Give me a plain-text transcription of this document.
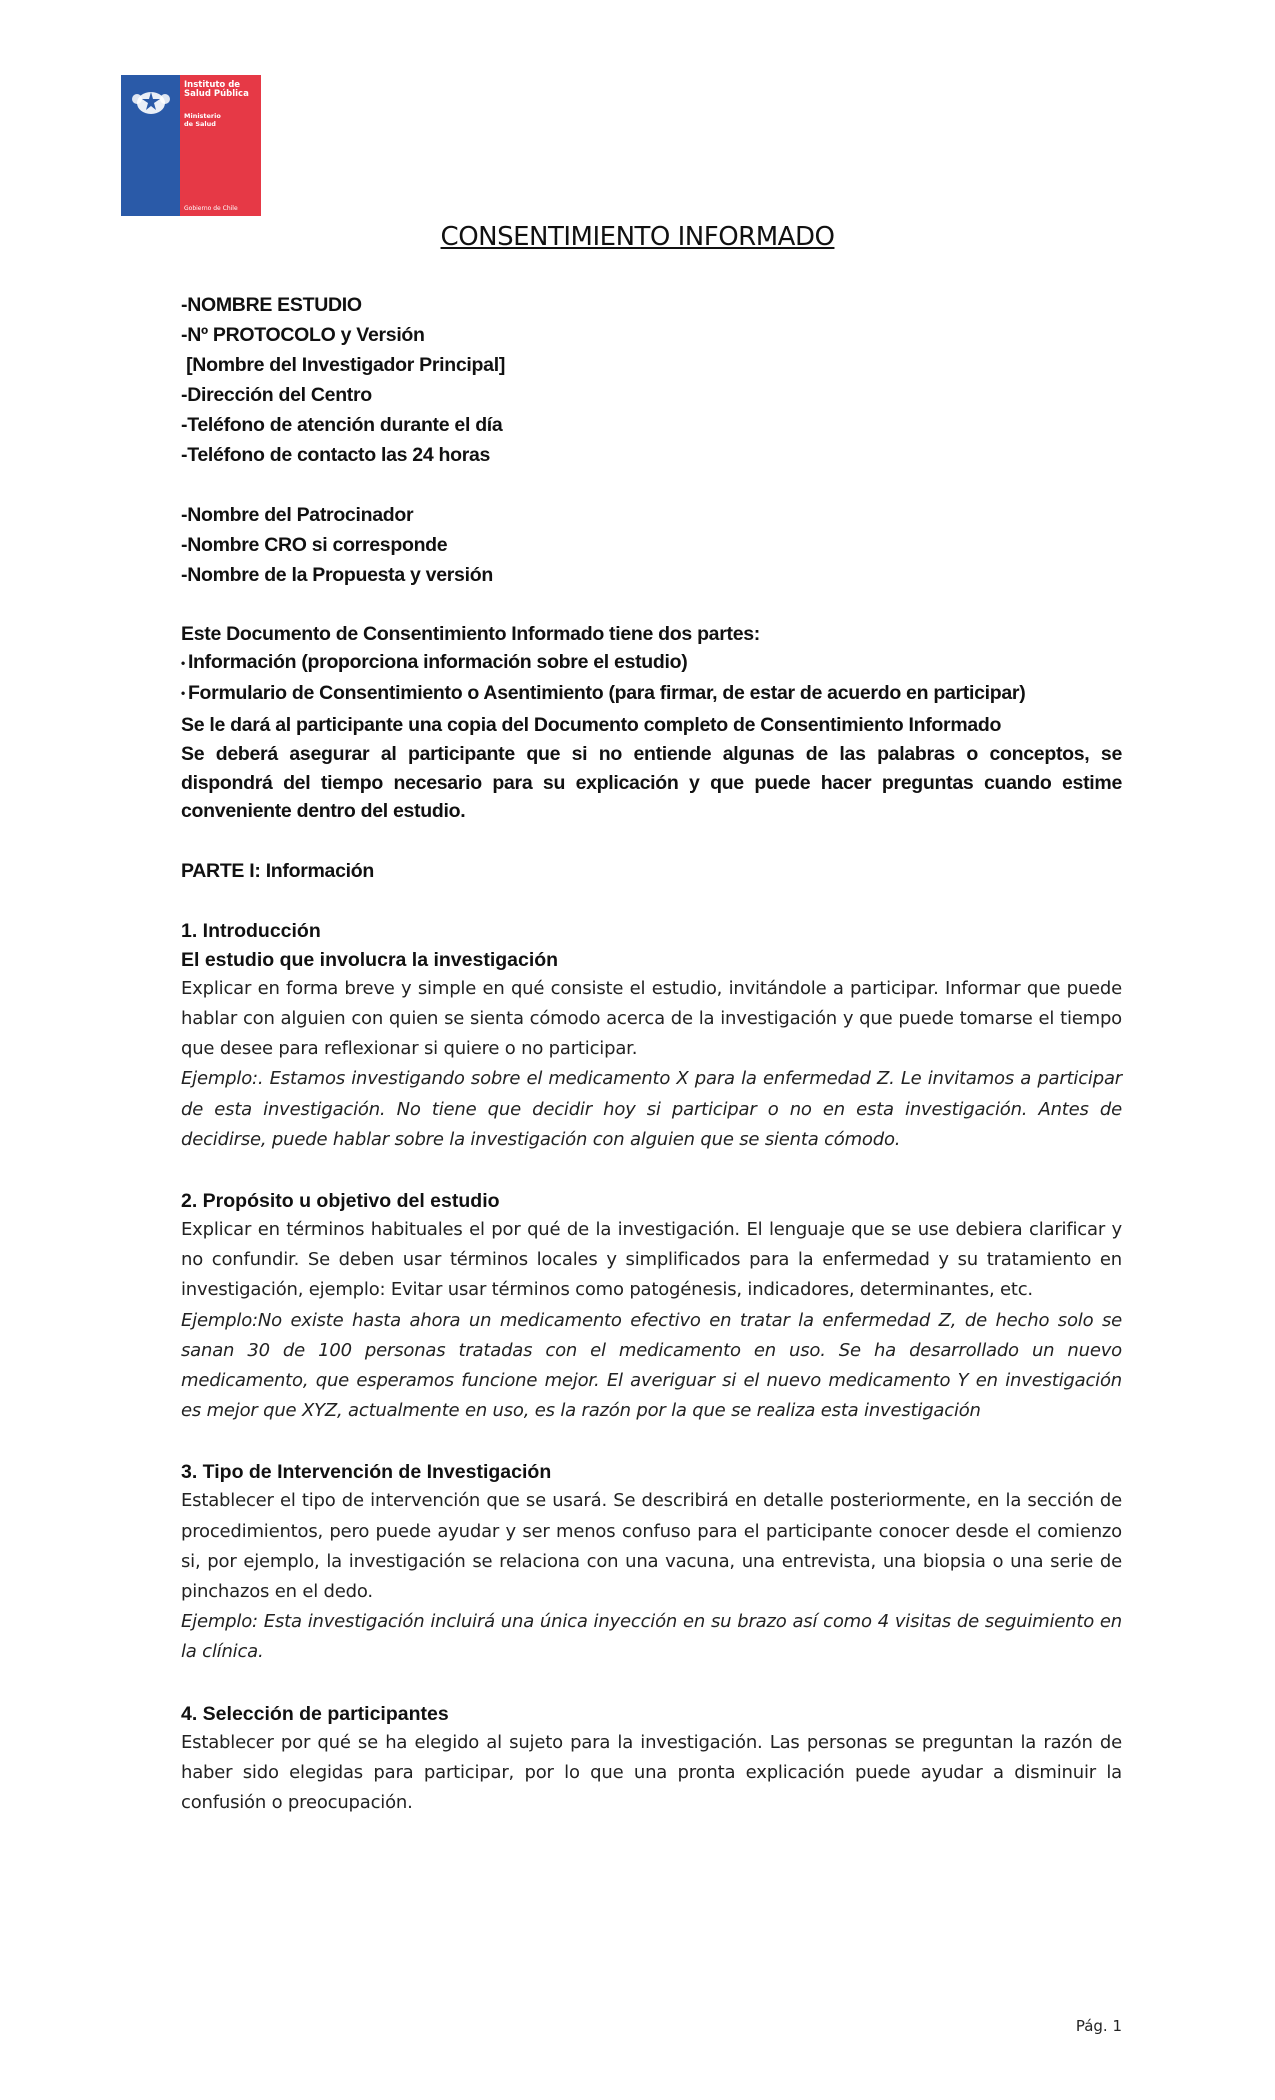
Instituto de
Salud Pública
Ministerio
de Salud
Gobierno de Chile
CONSENTIMIENTO INFORMADO

-NOMBRE ESTUDIO

-Nº PROTOCOLO y Versión

[Nombre del Investigador Principal]

-Dirección del Centro

-Teléfono de atención durante el día

-Teléfono de contacto las 24 horas

-Nombre del Patrocinador

-Nombre CRO si corresponde

-Nombre de la Propuesta y versión

Este Documento de Consentimiento Informado tiene dos partes:

• Información (proporciona información sobre el estudio)

• Formulario de Consentimiento o Asentimiento (para firmar, de estar de acuerdo en participar)

Se le dará al participante una copia del Documento completo de Consentimiento Informado

Se deberá asegurar al participante que si no entiende algunas de las palabras o conceptos, se dispondrá del tiempo necesario para su explicación y que puede hacer preguntas cuando estime conveniente dentro del estudio.

PARTE I: Información

1. Introducción

El estudio que involucra la investigación

Explicar en forma breve y simple en qué consiste el estudio, invitándole a participar. Informar que puede hablar con alguien con quien se sienta cómodo acerca de la investigación y que puede tomarse el tiempo que desee para reflexionar si quiere o no participar.

Ejemplo:. Estamos investigando sobre el medicamento X para la enfermedad Z. Le invitamos a participar de esta investigación. No tiene que decidir hoy si participar o no en esta investigación. Antes de decidirse, puede hablar sobre la investigación con alguien que se sienta cómodo.

2. Propósito u objetivo del estudio

Explicar en términos habituales el por qué de la investigación. El lenguaje que se use debiera clarificar y no confundir. Se deben usar términos locales y simplificados para la enfermedad y su tratamiento en investigación, ejemplo: Evitar usar términos como patogénesis, indicadores, determinantes, etc.

Ejemplo:No existe hasta ahora un medicamento efectivo en tratar la enfermedad Z, de hecho solo se sanan 30 de 100 personas tratadas con el medicamento en uso. Se ha desarrollado un nuevo medicamento, que esperamos funcione mejor. El averiguar si el nuevo medicamento Y en investigación es mejor que XYZ, actualmente en uso, es la razón por la que se realiza esta investigación

3. Tipo de Intervención de Investigación

Establecer el tipo de intervención que se usará. Se describirá en detalle posteriormente, en la sección de procedimientos, pero puede ayudar y ser menos confuso para el participante conocer desde el comienzo si, por ejemplo, la investigación se relaciona con una vacuna, una entrevista, una biopsia o una serie de pinchazos en el dedo.

Ejemplo: Esta investigación incluirá una única inyección en su brazo así como 4 visitas de seguimiento en la clínica.

4. Selección de participantes

Establecer por qué se ha elegido al sujeto para la investigación. Las personas se preguntan la razón de haber sido elegidas para participar, por lo que una pronta explicación puede ayudar a disminuir la confusión o preocupación.

Pág. 1
